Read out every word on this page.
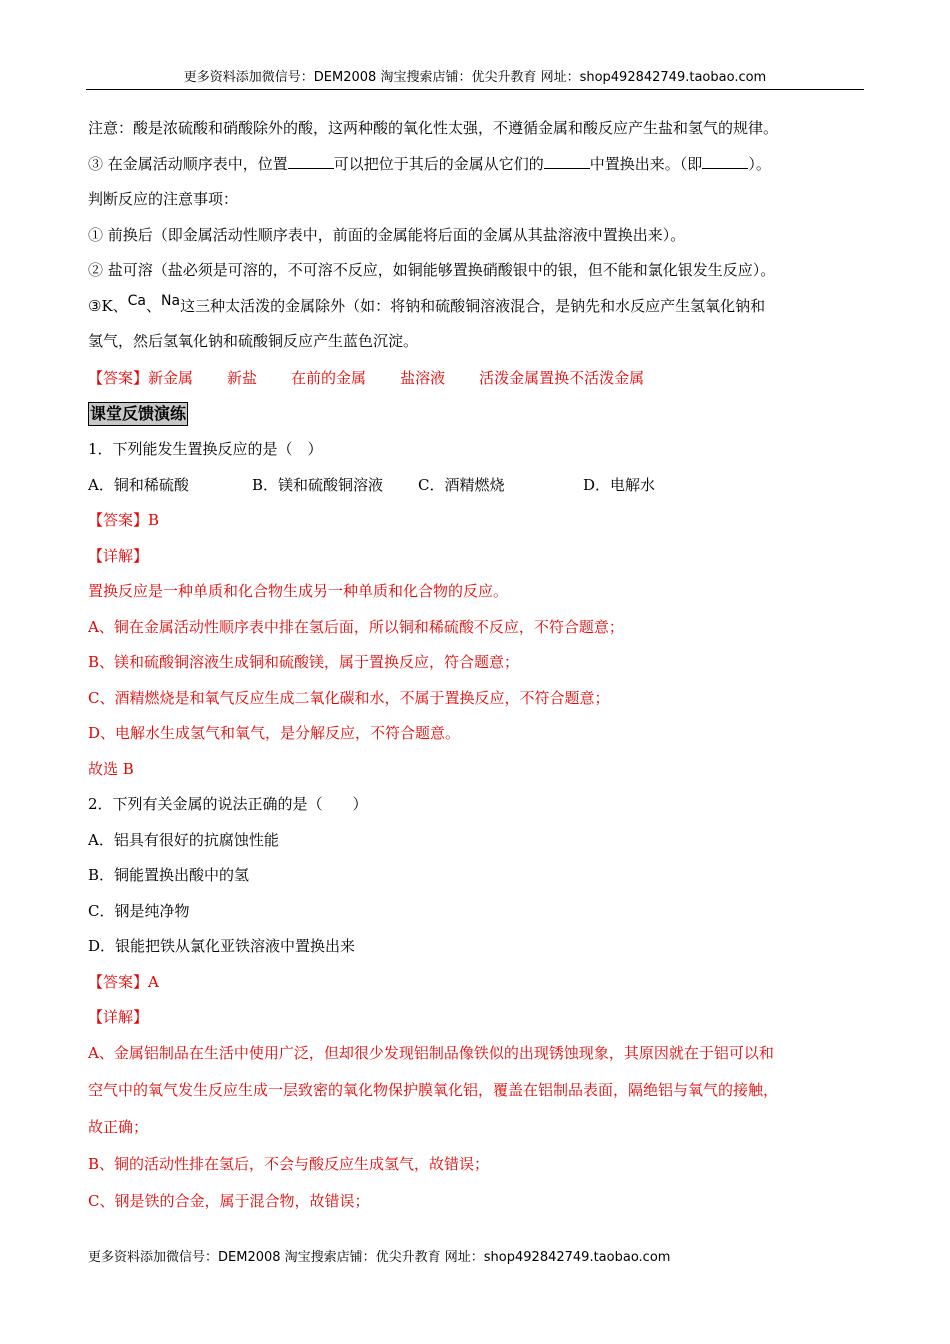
更多资料添加微信号：DEM2008 淘宝搜索店铺：优尖升教育 网址：shop492842749.taobao.com
注意：酸是浓硫酸和硝酸除外的酸，这两种酸的氧化性太强，不遵循金属和酸反应产生盐和氢气的规律。
③ 在金属活动顺序表中，位置	可以把位于其后的金属从它们的	中置换出来。（即	）。
判断反应的注意事项：
① 前换后（即金属活动性顺序表中，前面的金属能将后面的金属从其盐溶液中置换出来）。
② 盐可溶（盐必须是可溶的，不可溶不反应，如铜能够置换硝酸银中的银，但不能和氯化银发生反应）。
③K、Ca、Na这三种太活泼的金属除外（如：将钠和硫酸铜溶液混合，是钠先和水反应产生氢氧化钠和
氢气，然后氢氧化钠和硫酸铜反应产生蓝色沉淀。
【答案】新金属 新盐 在前的金属 盐溶液 活泼金属置换不活泼金属
课堂反馈演练
1．下列能发生置换反应的是（　）
A．铜和稀硫酸	B．镁和硫酸铜溶液 C．酒精燃烧	D．电解水
【答案】B
【详解】
置换反应是一种单质和化合物生成另一种单质和化合物的反应。
A、铜在金属活动性顺序表中排在氢后面，所以铜和稀硫酸不反应，不符合题意；
B、镁和硫酸铜溶液生成铜和硫酸镁，属于置换反应，符合题意；
C、酒精燃烧是和氧气反应生成二氧化碳和水，不属于置换反应，不符合题意；
D、电解水生成氢气和氧气，是分解反应，不符合题意。
故选 B
2．下列有关金属的说法正确的是（　　）
A．铝具有很好的抗腐蚀性能
B．铜能置换出酸中的氢
C．钢是纯净物
D．银能把铁从氯化亚铁溶液中置换出来
【答案】A
【详解】
A、金属铝制品在生活中使用广泛，但却很少发现铝制品像铁似的出现锈蚀现象，其原因就在于铝可以和
空气中的氧气发生反应生成一层致密的氧化物保护膜氧化铝，覆盖在铝制品表面，隔绝铝与氧气的接触，
故正确；
B、铜的活动性排在氢后，不会与酸反应生成氢气，故错误；
C、钢是铁的合金，属于混合物，故错误；
更多资料添加微信号：DEM2008 淘宝搜索店铺：优尖升教育 网址：shop492842749.taobao.com
